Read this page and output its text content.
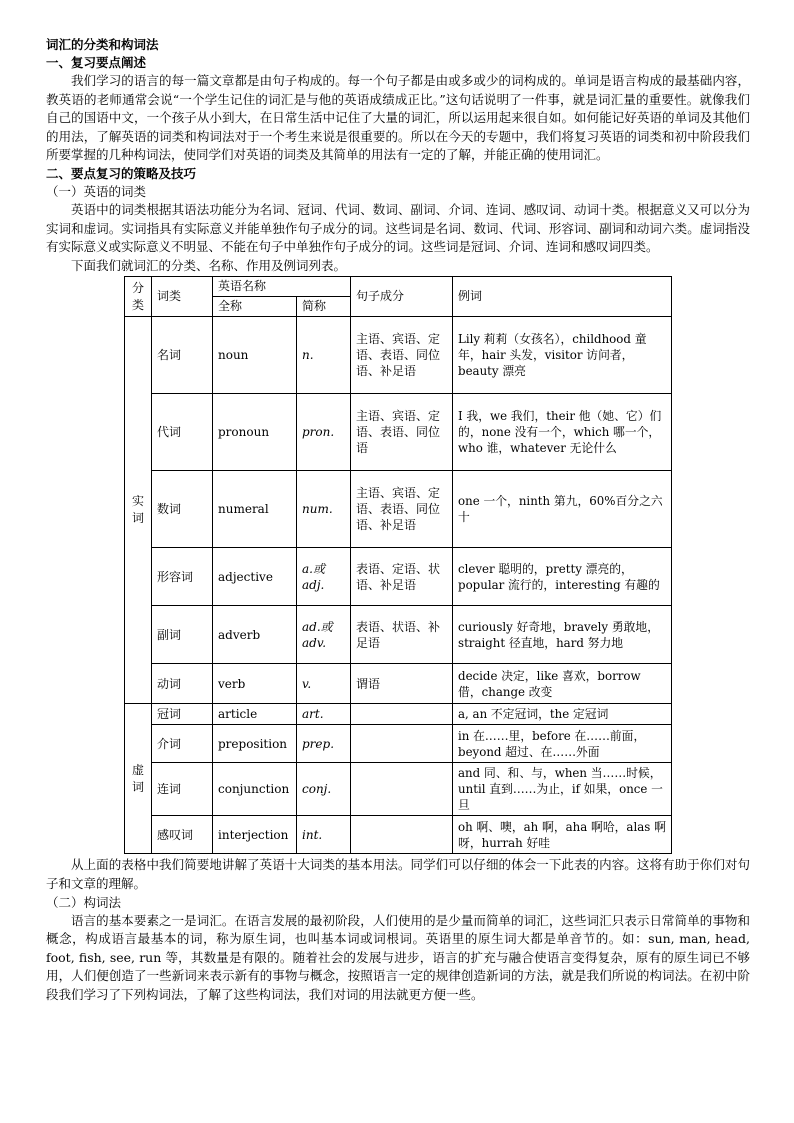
词汇的分类和构词法

一、复习要点阐述

我们学习的语言的每一篇文章都是由句子构成的。每一个句子都是由或多或少的词构成的。单词是语言构成的最基础内容，教英语的老师通常会说“一个学生记住的词汇是与他的英语成绩成正比。”这句话说明了一件事，就是词汇量的重要性。就像我们自己的国语中文，一个孩子从小到大，在日常生活中记住了大量的词汇，所以运用起来很自如。如何能记好英语的单词及其他们的用法，了解英语的词类和构词法对于一个考生来说是很重要的。所以在今天的专题中，我们将复习英语的词类和初中阶段我们所要掌握的几种构词法，使同学们对英语的词类及其简单的用法有一定的了解，并能正确的使用词汇。

二、要点复习的策略及技巧

（一）英语的词类

英语中的词类根据其语法功能分为名词、冠词、代词、数词、副词、介词、连词、感叹词、动词十类。根据意义又可以分为实词和虚词。实词指具有实际意义并能单独作句子成分的词。这些词是名词、数词、代词、形容词、副词和动词六类。虚词指没有实际意义或实际意义不明显、不能在句子中单独作句子成分的词。这些词是冠词、介词、连词和感叹词四类。

下面我们就词汇的分类、名称、作用及例词列表。

分类	词类	英语名称		句子成分	例词
		全称	简称		
实词	名词	noun	n.	主语、宾语、定语、表语、同位语、补足语	Lily 莉莉（女孩名），childhood 童年，hair 头发，visitor 访问者，beauty 漂亮
	代词	pronoun	pron.	主语、宾语、定语、表语、同位语	I 我，we 我们，their 他（她、它）们的，none 没有一个，which 哪一个，who 谁，whatever 无论什么
	数词	numeral	num.	主语、宾语、定语、表语、同位语、补足语	one 一个，ninth 第九，60%百分之六十
	形容词	adjective	a.或 adj.	表语、定语、状语、补足语	clever 聪明的，pretty 漂亮的，popular 流行的，interesting 有趣的
	副词	adverb	ad.或 adv.	表语、状语、补足语	curiously 好奇地，bravely 勇敢地，straight 径直地，hard 努力地
	动词	verb	v.	谓语	decide 决定，like 喜欢，borrow 借，change 改变
虚词	冠词	article	art.		a, an 不定冠词，the 定冠词
	介词	preposition	prep.		in 在……里，before 在……前面，beyond 超过、在……外面
	连词	conjunction	conj.		and 同、和、与，when 当……时候，until 直到……为止，if 如果，once 一旦
	感叹词	interjection	int.		oh 啊、噢，ah 啊，aha 啊哈，alas 啊呀，hurrah 好哇

从上面的表格中我们简要地讲解了英语十大词类的基本用法。同学们可以仔细的体会一下此表的内容。这将有助于你们对句子和文章的理解。

（二）构词法

语言的基本要素之一是词汇。在语言发展的最初阶段，人们使用的是少量而简单的词汇，这些词汇只表示日常简单的事物和概念，构成语言最基本的词，称为原生词，也叫基本词或词根词。英语里的原生词大都是单音节的。如：sun, man, head, foot, fish, see, run 等，其数量是有限的。随着社会的发展与进步，语言的扩充与融合使语言变得复杂，原有的原生词已不够用，人们便创造了一些新词来表示新有的事物与概念，按照语言一定的规律创造新词的方法，就是我们所说的构词法。在初中阶段我们学习了下列构词法，了解了这些构词法，我们对词的用法就更方便一些。
